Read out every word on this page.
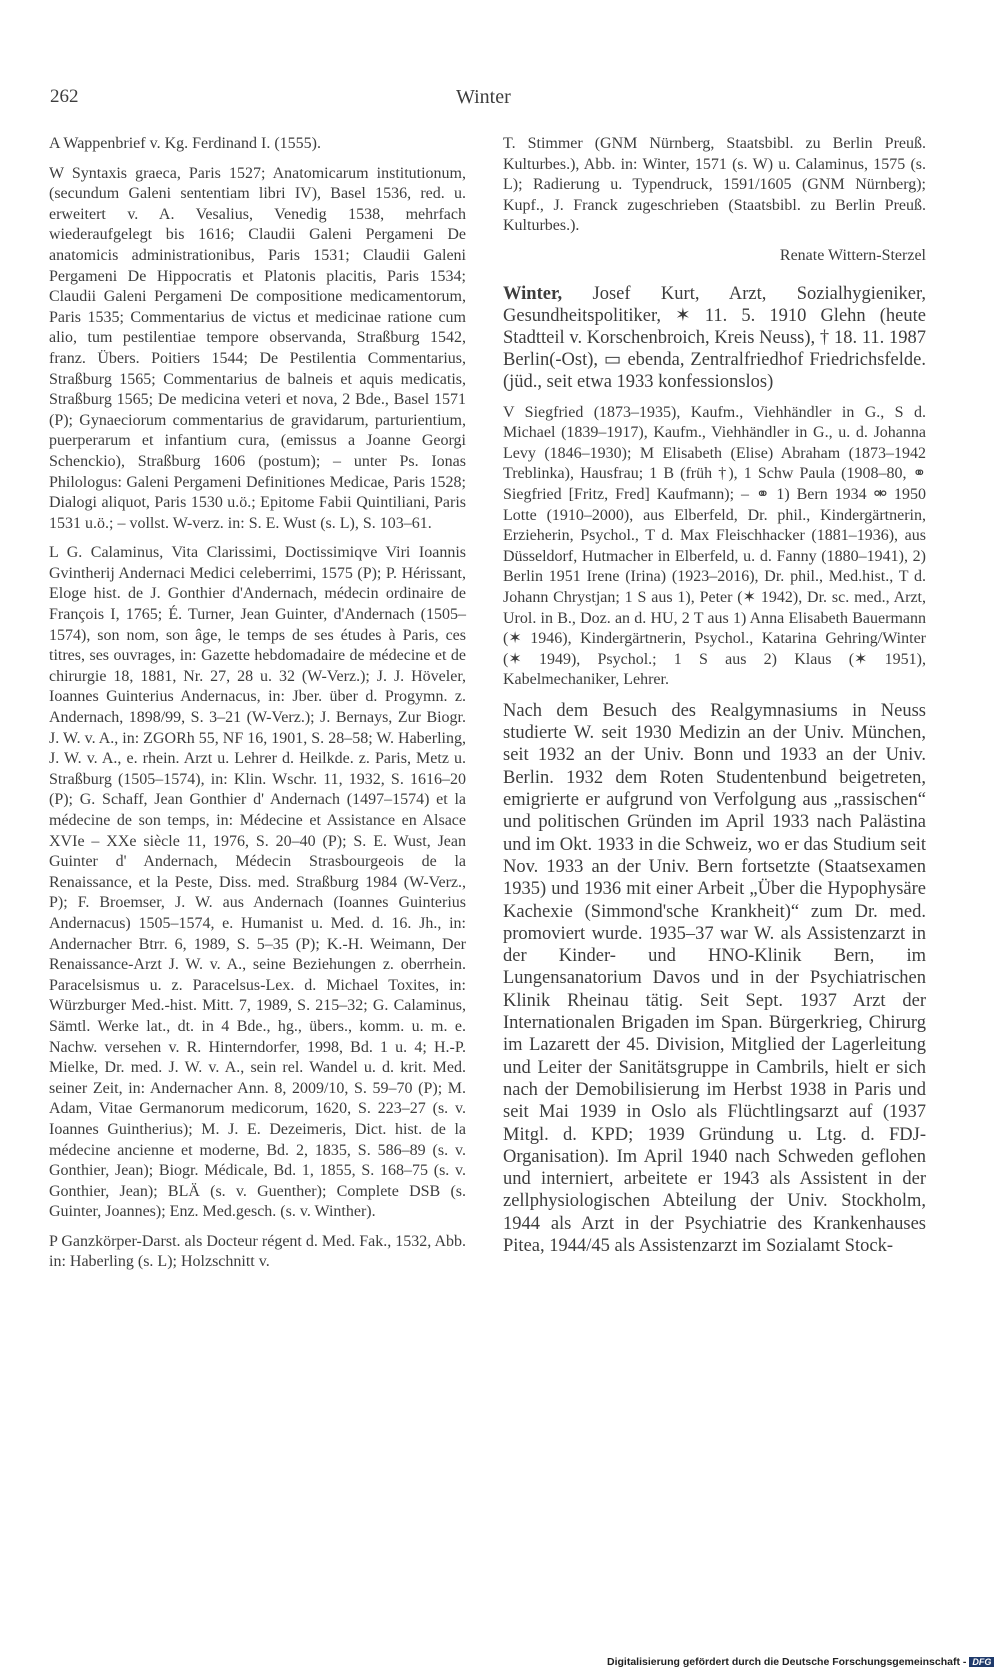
262	Winter

A Wappenbrief v. Kg. Ferdinand I. (1555).

W Syntaxis graeca, Paris 1527; Anatomicarum institutionum, (secundum Galeni sententiam libri IV), Basel 1536, red. u. erweitert v. A. Vesalius, Venedig 1538, mehrfach wiederaufgelegt bis 1616; Claudii Galeni Pergameni De anatomicis administrationibus, Paris 1531; Claudii Galeni Pergameni De Hippocratis et Platonis placitis, Paris 1534; Claudii Galeni Pergameni De compositione medicamentorum, Paris 1535; Commentarius de victus et medicinae ratione cum alio, tum pestilentiae tempore observanda, Straßburg 1542, franz. Übers. Poitiers 1544; De Pestilentia Commentarius, Straßburg 1565; Commentarius de balneis et aquis medicatis, Straßburg 1565; De medicina veteri et nova, 2 Bde., Basel 1571 (P); Gynaeciorum commentarius de gravidarum, parturientium, puerperarum et infantium cura, (emissus a Joanne Georgi Schenckio), Straßburg 1606 (postum); – unter Ps. Ionas Philologus: Galeni Pergameni Definitiones Medicae, Paris 1528; Dialogi aliquot, Paris 1530 u.ö.; Epitome Fabii Quintiliani, Paris 1531 u.ö.; – vollst. W-verz. in: S. E. Wust (s. L), S. 103–61.

L G. Calaminus, Vita Clarissimi, Doctissimiqve Viri Ioannis Gvintherij Andernaci Medici celeberrimi, 1575 (P); P. Hérissant, Eloge hist. de J. Gonthier d'Andernach, médecin ordinaire de François I, 1765; É. Turner, Jean Guinter, d'Andernach (1505–1574), son nom, son âge, le temps de ses études à Paris, ces titres, ses ouvrages, in: Gazette hebdomadaire de médecine et de chirurgie 18, 1881, Nr. 27, 28 u. 32 (W-Verz.); J. J. Höveler, Ioannes Guinterius Andernacus, in: Jber. über d. Progymn. z. Andernach, 1898/99, S. 3–21 (W-Verz.); J. Bernays, Zur Biogr. J. W. v. A., in: ZGORh 55, NF 16, 1901, S. 28–58; W. Haberling, J. W. v. A., e. rhein. Arzt u. Lehrer d. Heilkde. z. Paris, Metz u. Straßburg (1505–1574), in: Klin. Wschr. 11, 1932, S. 1616–20 (P); G. Schaff, Jean Gonthier d' Andernach (1497–1574) et la médecine de son temps, in: Médecine et Assistance en Alsace XVIe – XXe siècle 11, 1976, S. 20–40 (P); S. E. Wust, Jean Guinter d' Andernach, Médecin Strasbourgeois de la Renaissance, et la Peste, Diss. med. Straßburg 1984 (W-Verz., P); F. Broemser, J. W. aus Andernach (Ioannes Guinterius Andernacus) 1505–1574, e. Humanist u. Med. d. 16. Jh., in: Andernacher Btrr. 6, 1989, S. 5–35 (P); K.-H. Weimann, Der Renaissance-Arzt J. W. v. A., seine Beziehungen z. oberrhein. Paracelsismus u. z. Paracelsus-Lex. d. Michael Toxites, in: Würzburger Med.-hist. Mitt. 7, 1989, S. 215–32; G. Calaminus, Sämtl. Werke lat., dt. in 4 Bde., hg., übers., komm. u. m. e. Nachw. versehen v. R. Hinterndorfer, 1998, Bd. 1 u. 4; H.-P. Mielke, Dr. med. J. W. v. A., sein rel. Wandel u. d. krit. Med. seiner Zeit, in: Andernacher Ann. 8, 2009/10, S. 59–70 (P); M. Adam, Vitae Germanorum medicorum, 1620, S. 223–27 (s. v. Ioannes Guintherius); M. J. E. Dezeimeris, Dict. hist. de la médecine ancienne et moderne, Bd. 2, 1835, S. 586–89 (s. v. Gonthier, Jean); Biogr. Médicale, Bd. 1, 1855, S. 168–75 (s. v. Gonthier, Jean); BLÄ (s. v. Guenther); Complete DSB (s. Guinter, Joannes); Enz. Med.gesch. (s. v. Winther).

P Ganzkörper-Darst. als Docteur régent d. Med. Fak., 1532, Abb. in: Haberling (s. L); Holzschnitt v.

T. Stimmer (GNM Nürnberg, Staatsbibl. zu Berlin Preuß. Kulturbes.), Abb. in: Winter, 1571 (s. W) u. Calaminus, 1575 (s. L); Radierung u. Typendruck, 1591/1605 (GNM Nürnberg); Kupf., J. Franck zugeschrieben (Staatsbibl. zu Berlin Preuß. Kulturbes.).

Renate Wittern-Sterzel

Winter, Josef Kurt, Arzt, Sozialhygieniker, Gesundheitspolitiker, ✶ 11. 5. 1910 Glehn (heute Stadtteil v. Korschenbroich, Kreis Neuss), † 18. 11. 1987 Berlin(-Ost), ▭ ebenda, Zentralfriedhof Friedrichsfelde. (jüd., seit etwa 1933 konfessionslos)

V Siegfried (1873–1935), Kaufm., Viehhändler in G., S d. Michael (1839–1917), Kaufm., Viehhändler in G., u. d. Johanna Levy (1846–1930); M Elisabeth (Elise) Abraham (1873–1942 Treblinka), Hausfrau; 1 B (früh †), 1 Schw Paula (1908–80, ⚭ Siegfried [Fritz, Fred] Kaufmann); – ⚭ 1) Bern 1934 ⚮ 1950 Lotte (1910–2000), aus Elberfeld, Dr. phil., Kindergärtnerin, Erzieherin, Psychol., T d. Max Fleischhacker (1881–1936), aus Düsseldorf, Hutmacher in Elberfeld, u. d. Fanny (1880–1941), 2) Berlin 1951 Irene (Irina) (1923–2016), Dr. phil., Med.hist., T d. Johann Chrystjan; 1 S aus 1), Peter (✶ 1942), Dr. sc. med., Arzt, Urol. in B., Doz. an d. HU, 2 T aus 1) Anna Elisabeth Bauermann (✶ 1946), Kindergärtnerin, Psychol., Katarina Gehring/Winter (✶ 1949), Psychol.; 1 S aus 2) Klaus (✶ 1951), Kabelmechaniker, Lehrer.

Nach dem Besuch des Realgymnasiums in Neuss studierte W. seit 1930 Medizin an der Univ. München, seit 1932 an der Univ. Bonn und 1933 an der Univ. Berlin. 1932 dem Roten Studentenbund beigetreten, emigrierte er aufgrund von Verfolgung aus „rassischen“ und politischen Gründen im April 1933 nach Palästina und im Okt. 1933 in die Schweiz, wo er das Studium seit Nov. 1933 an der Univ. Bern fortsetzte (Staatsexamen 1935) und 1936 mit einer Arbeit „Über die Hypophysäre Kachexie (Simmond'sche Krankheit)“ zum Dr. med. promoviert wurde. 1935–37 war W. als Assistenzarzt in der Kinder- und HNO-Klinik Bern, im Lungensanatorium Davos und in der Psychiatrischen Klinik Rheinau tätig. Seit Sept. 1937 Arzt der Internationalen Brigaden im Span. Bürgerkrieg, Chirurg im Lazarett der 45. Division, Mitglied der Lagerleitung und Leiter der Sanitätsgruppe in Cambrils, hielt er sich nach der Demobilisierung im Herbst 1938 in Paris und seit Mai 1939 in Oslo als Flüchtlingsarzt auf (1937 Mitgl. d. KPD; 1939 Gründung u. Ltg. d. FDJ-Organisation). Im April 1940 nach Schweden geflohen und interniert, arbeitete er 1943 als Assistent in der zellphysiologischen Abteilung der Univ. Stockholm, 1944 als Arzt in der Psychiatrie des Krankenhauses Pitea, 1944/45 als Assistenzarzt im Sozialamt Stock-

Digitalisierung gefördert durch die Deutsche Forschungsgemeinschaft - DFG
